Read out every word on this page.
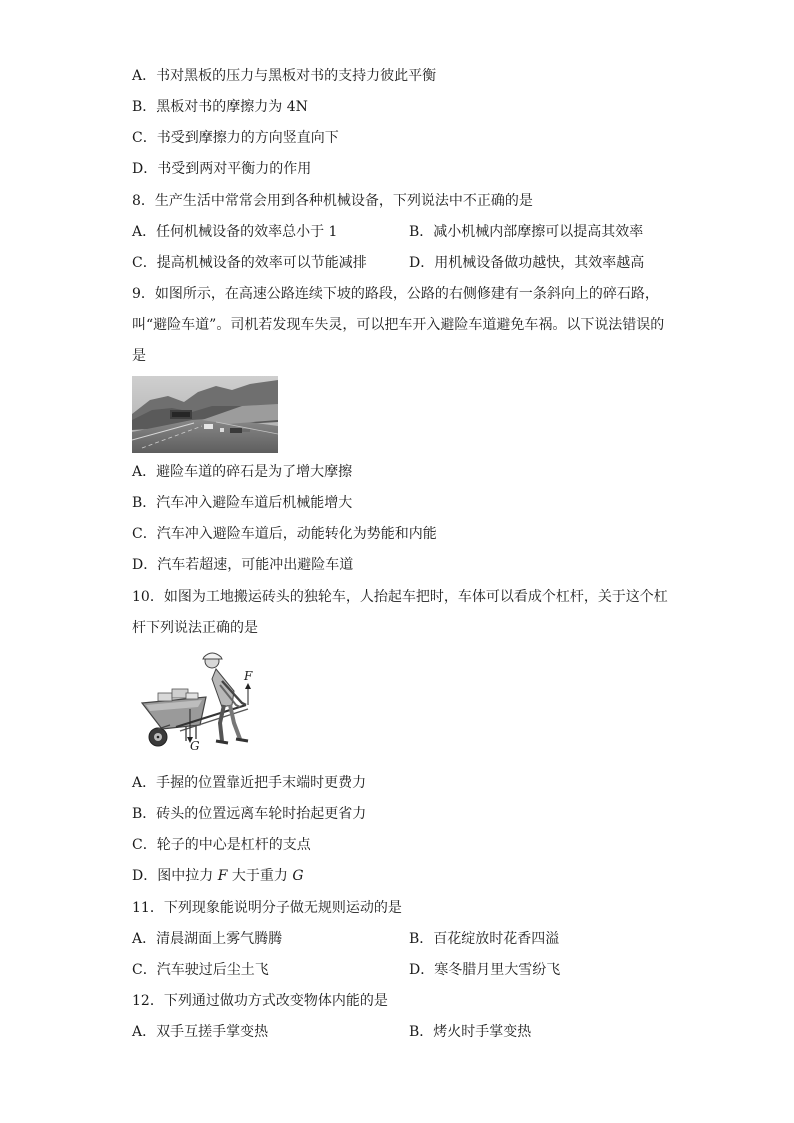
A．书对黑板的压力与黑板对书的支持力彼此平衡
B．黑板对书的摩擦力为 4N
C．书受到摩擦力的方向竖直向下
D．书受到两对平衡力的作用
8．生产生活中常常会用到各种机械设备，下列说法中不正确的是
A．任何机械设备的效率总小于 1	B．减小机械内部摩擦可以提高其效率
C．提高机械设备的效率可以节能减排	D．用机械设备做功越快，其效率越高
9．如图所示，在高速公路连续下坡的路段，公路的右侧修建有一条斜向上的碎石路，
叫“避险车道”。司机若发现车失灵，可以把车开入避险车道避免车祸。以下说法错误的
是
A．避险车道的碎石是为了增大摩擦
B．汽车冲入避险车道后机械能增大
C．汽车冲入避险车道后，动能转化为势能和内能
D．汽车若超速，可能冲出避险车道
10．如图为工地搬运砖头的独轮车，人抬起车把时，车体可以看成个杠杆，关于这个杠
杆下列说法正确的是
F
G
A．手握的位置靠近把手末端时更费力
B．砖头的位置远离车轮时抬起更省力
C．轮子的中心是杠杆的支点
D．图中拉力 F 大于重力 G
11．下列现象能说明分子做无规则运动的是
A．清晨湖面上雾气腾腾	B．百花绽放时花香四溢
C．汽车驶过后尘土飞	D．寒冬腊月里大雪纷飞
12．下列通过做功方式改变物体内能的是
A．双手互搓手掌变热	B．烤火时手掌变热
